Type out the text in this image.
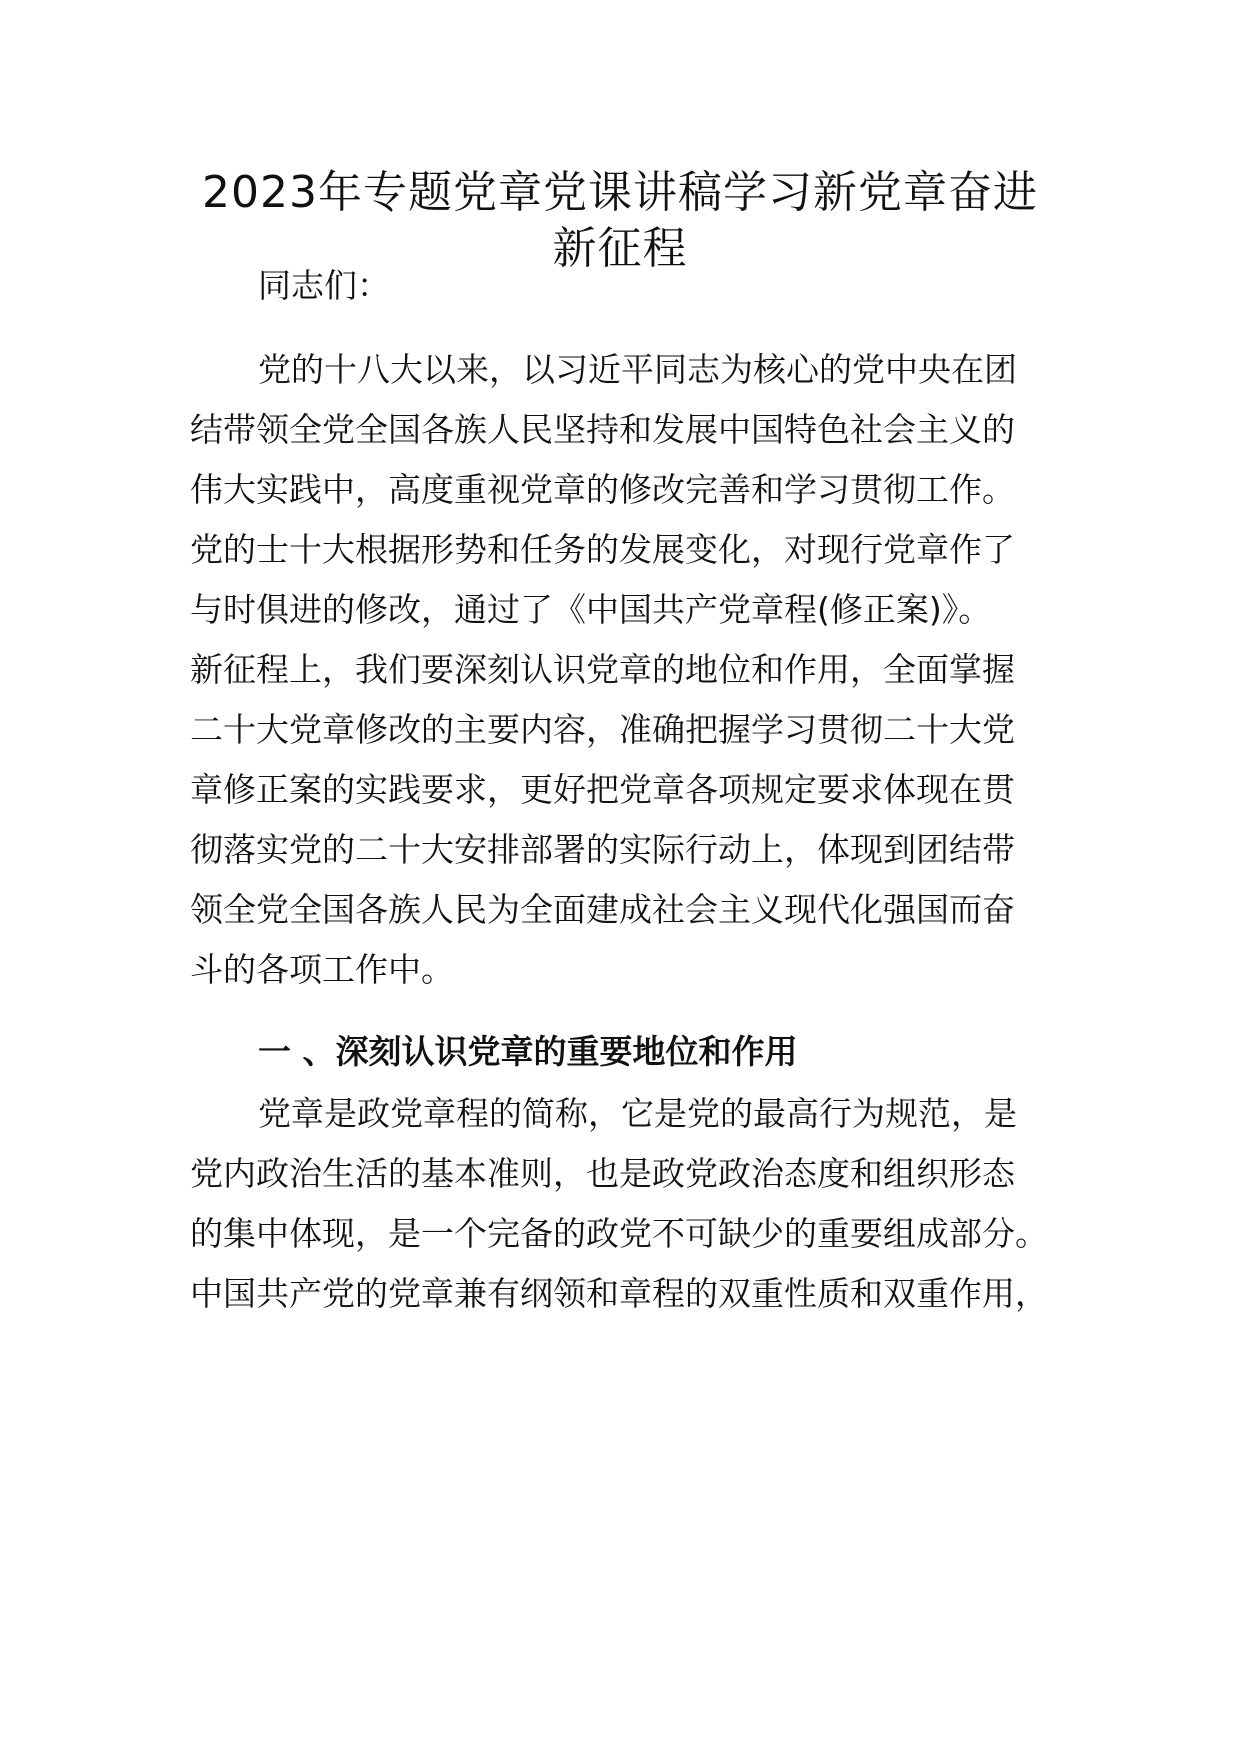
2023年专题党章党课讲稿学习新党章奋进
新征程

同志们：

党的十八大以来，以习近平同志为核心的党中央在团

结带领全党全国各族人民坚持和发展中国特色社会主义的

伟大实践中，高度重视党章的修改完善和学习贯彻工作。

党的士十大根据形势和任务的发展变化，对现行党章作了

与时俱进的修改，通过了《中国共产党章程(修正案)》。

新征程上，我们要深刻认识党章的地位和作用，全面掌握

二十大党章修改的主要内容，准确把握学习贯彻二十大党

章修正案的实践要求，更好把党章各项规定要求体现在贯

彻落实党的二十大安排部署的实际行动上，体现到团结带

领全党全国各族人民为全面建成社会主义现代化强国而奋

斗的各项工作中。

一 、深刻认识党章的重要地位和作用

党章是政党章程的简称，它是党的最高行为规范，是

党内政治生活的基本准则，也是政党政治态度和组织形态

的集中体现，是一个完备的政党不可缺少的重要组成部分。

中国共产党的党章兼有纲领和章程的双重性质和双重作用，
